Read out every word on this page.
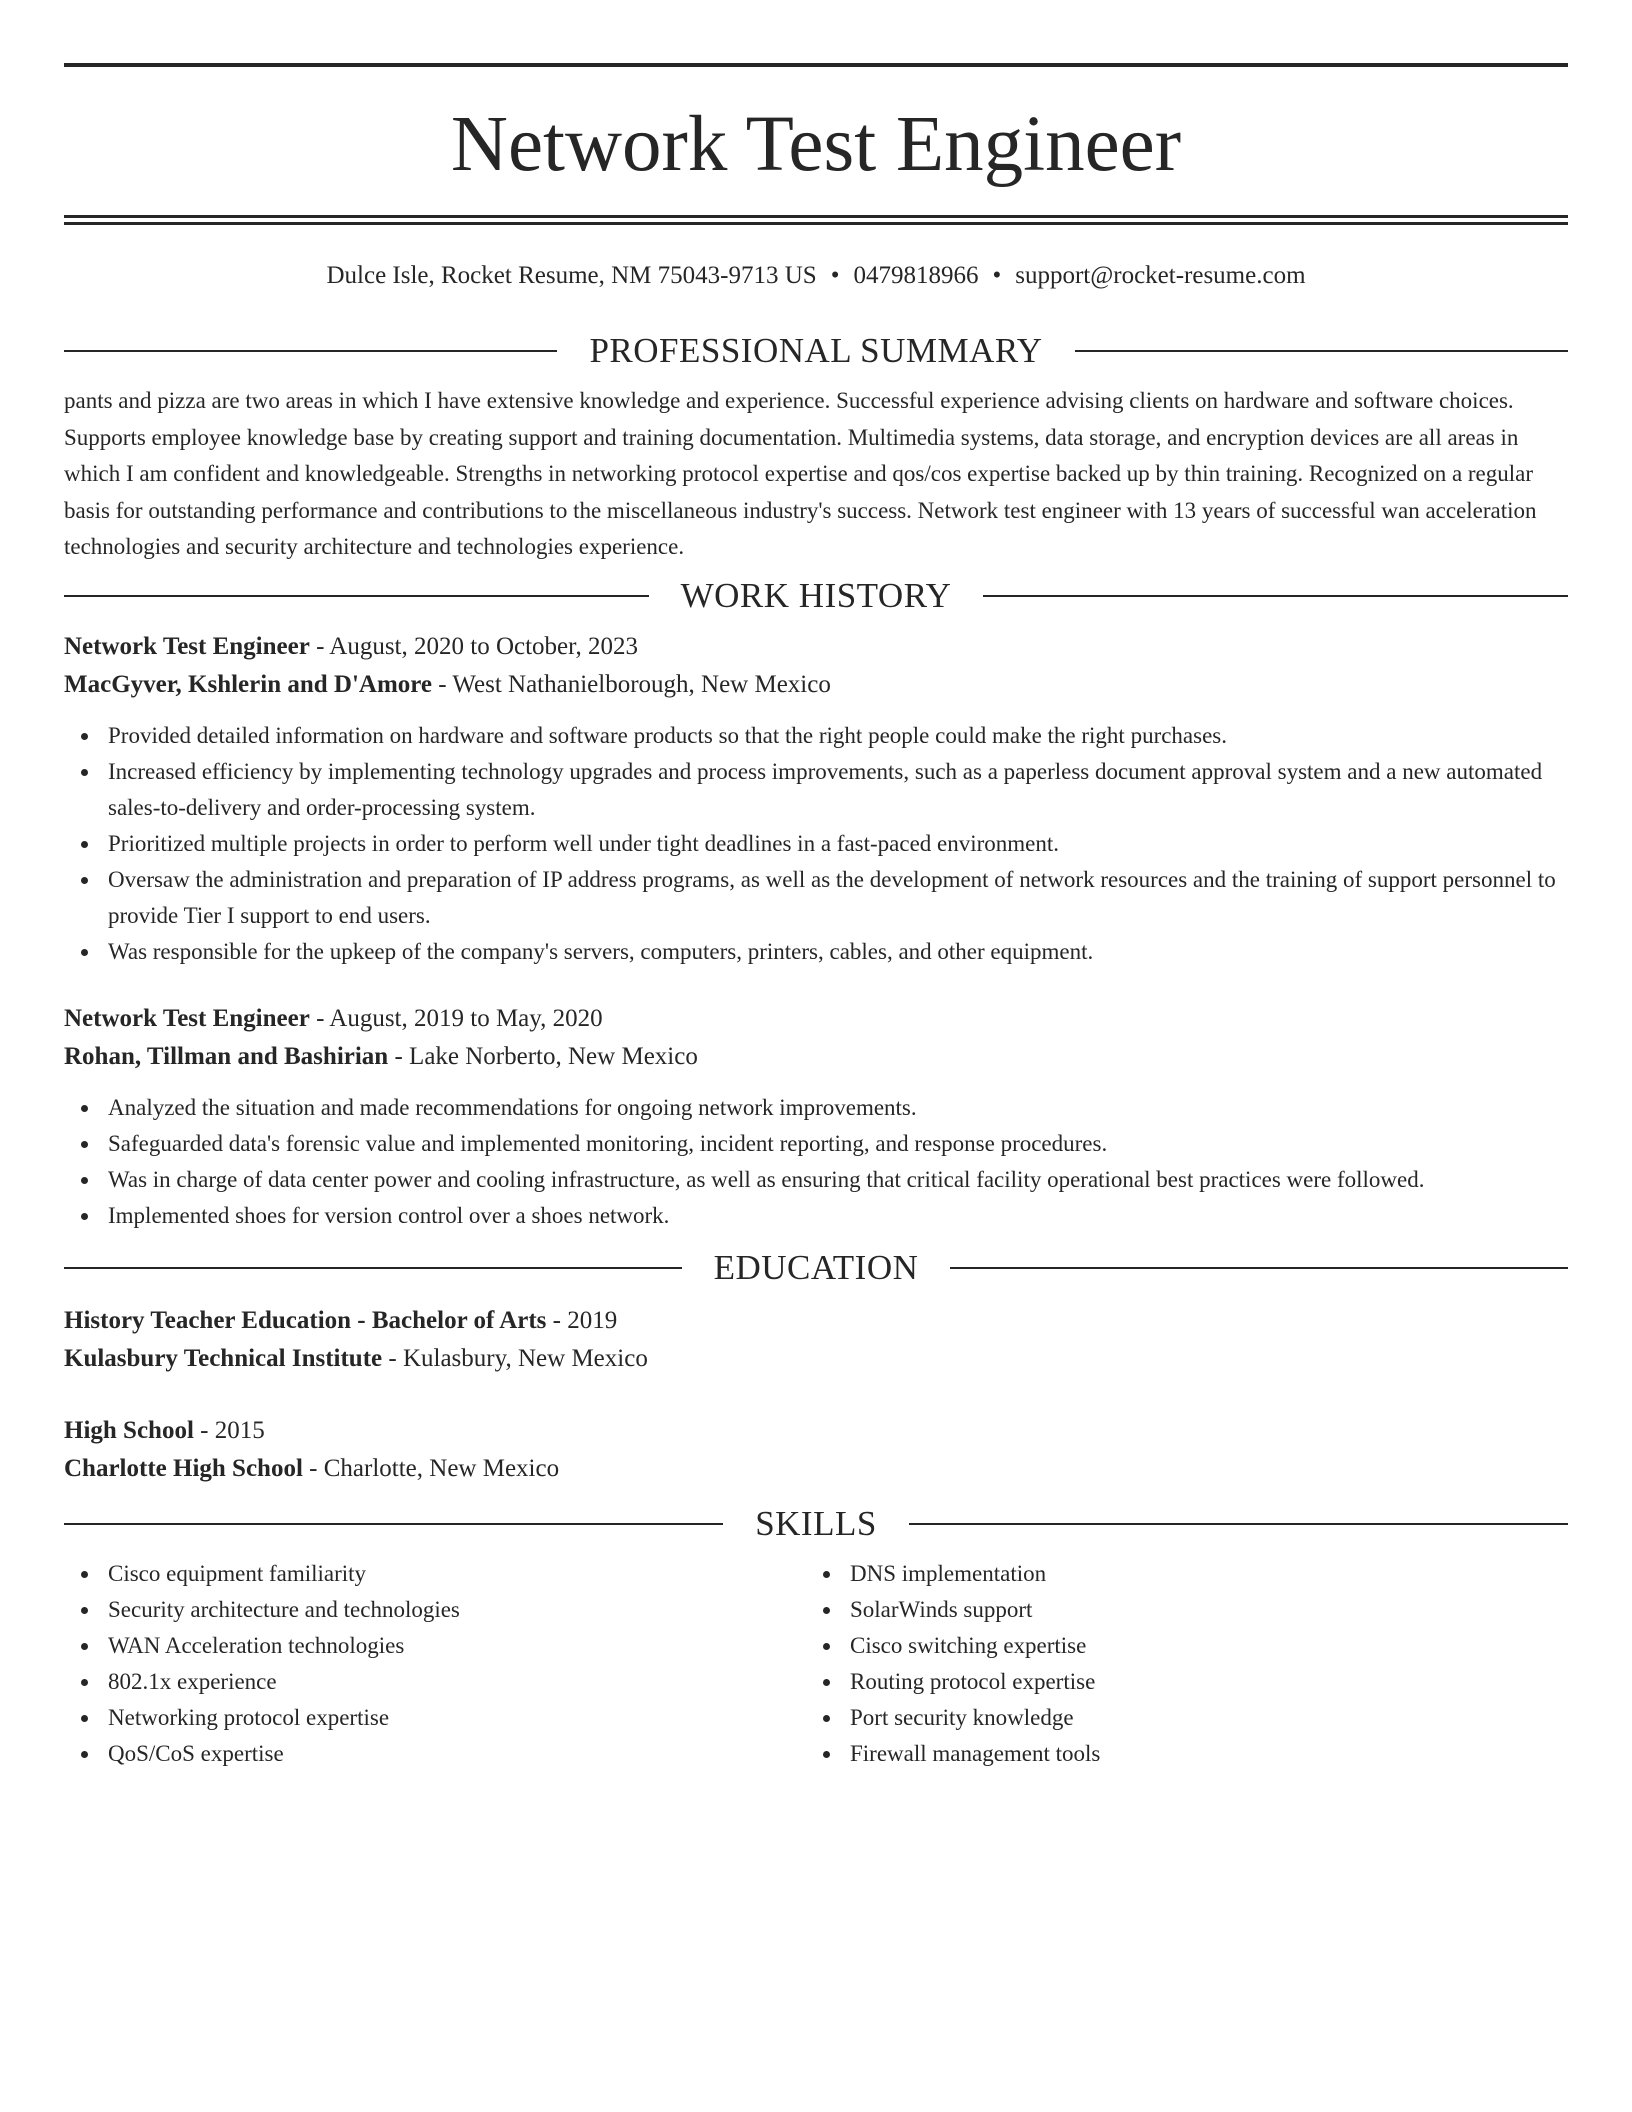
Network Test Engineer
Dulce Isle, Rocket Resume, NM 75043-9713 US • 0479818966 • support@rocket-resume.com
PROFESSIONAL SUMMARY

pants and pizza are two areas in which I have extensive knowledge and experience. Successful experience advising clients on hardware and software choices. Supports employee knowledge base by creating support and training documentation. Multimedia systems, data storage, and encryption devices are all areas in which I am confident and knowledgeable. Strengths in networking protocol expertise and qos/cos expertise backed up by thin training. Recognized on a regular basis for outstanding performance and contributions to the miscellaneous industry's success. Network test engineer with 13 years of successful wan acceleration technologies and security architecture and technologies experience.

WORK HISTORY

Network Test Engineer - August, 2020 to October, 2023

MacGyver, Kshlerin and D'Amore - West Nathanielborough, New Mexico

Provided detailed information on hardware and software products so that the right people could make the right purchases.
Increased efficiency by implementing technology upgrades and process improvements, such as a paperless document approval system and a new automated sales-to-delivery and order-processing system.
Prioritized multiple projects in order to perform well under tight deadlines in a fast-paced environment.
Oversaw the administration and preparation of IP address programs, as well as the development of network resources and the training of support personnel to provide Tier I support to end users.
Was responsible for the upkeep of the company's servers, computers, printers, cables, and other equipment.

Network Test Engineer - August, 2019 to May, 2020

Rohan, Tillman and Bashirian - Lake Norberto, New Mexico

Analyzed the situation and made recommendations for ongoing network improvements.
Safeguarded data's forensic value and implemented monitoring, incident reporting, and response procedures.
Was in charge of data center power and cooling infrastructure, as well as ensuring that critical facility operational best practices were followed.
Implemented shoes for version control over a shoes network.
EDUCATION

History Teacher Education - Bachelor of Arts - 2019

Kulasbury Technical Institute - Kulasbury, New Mexico

High School - 2015

Charlotte High School - Charlotte, New Mexico

SKILLS
Cisco equipment familiarity
Security architecture and technologies
WAN Acceleration technologies
802.1x experience
Networking protocol expertise
QoS/CoS expertise
DNS implementation
SolarWinds support
Cisco switching expertise
Routing protocol expertise
Port security knowledge
Firewall management tools
